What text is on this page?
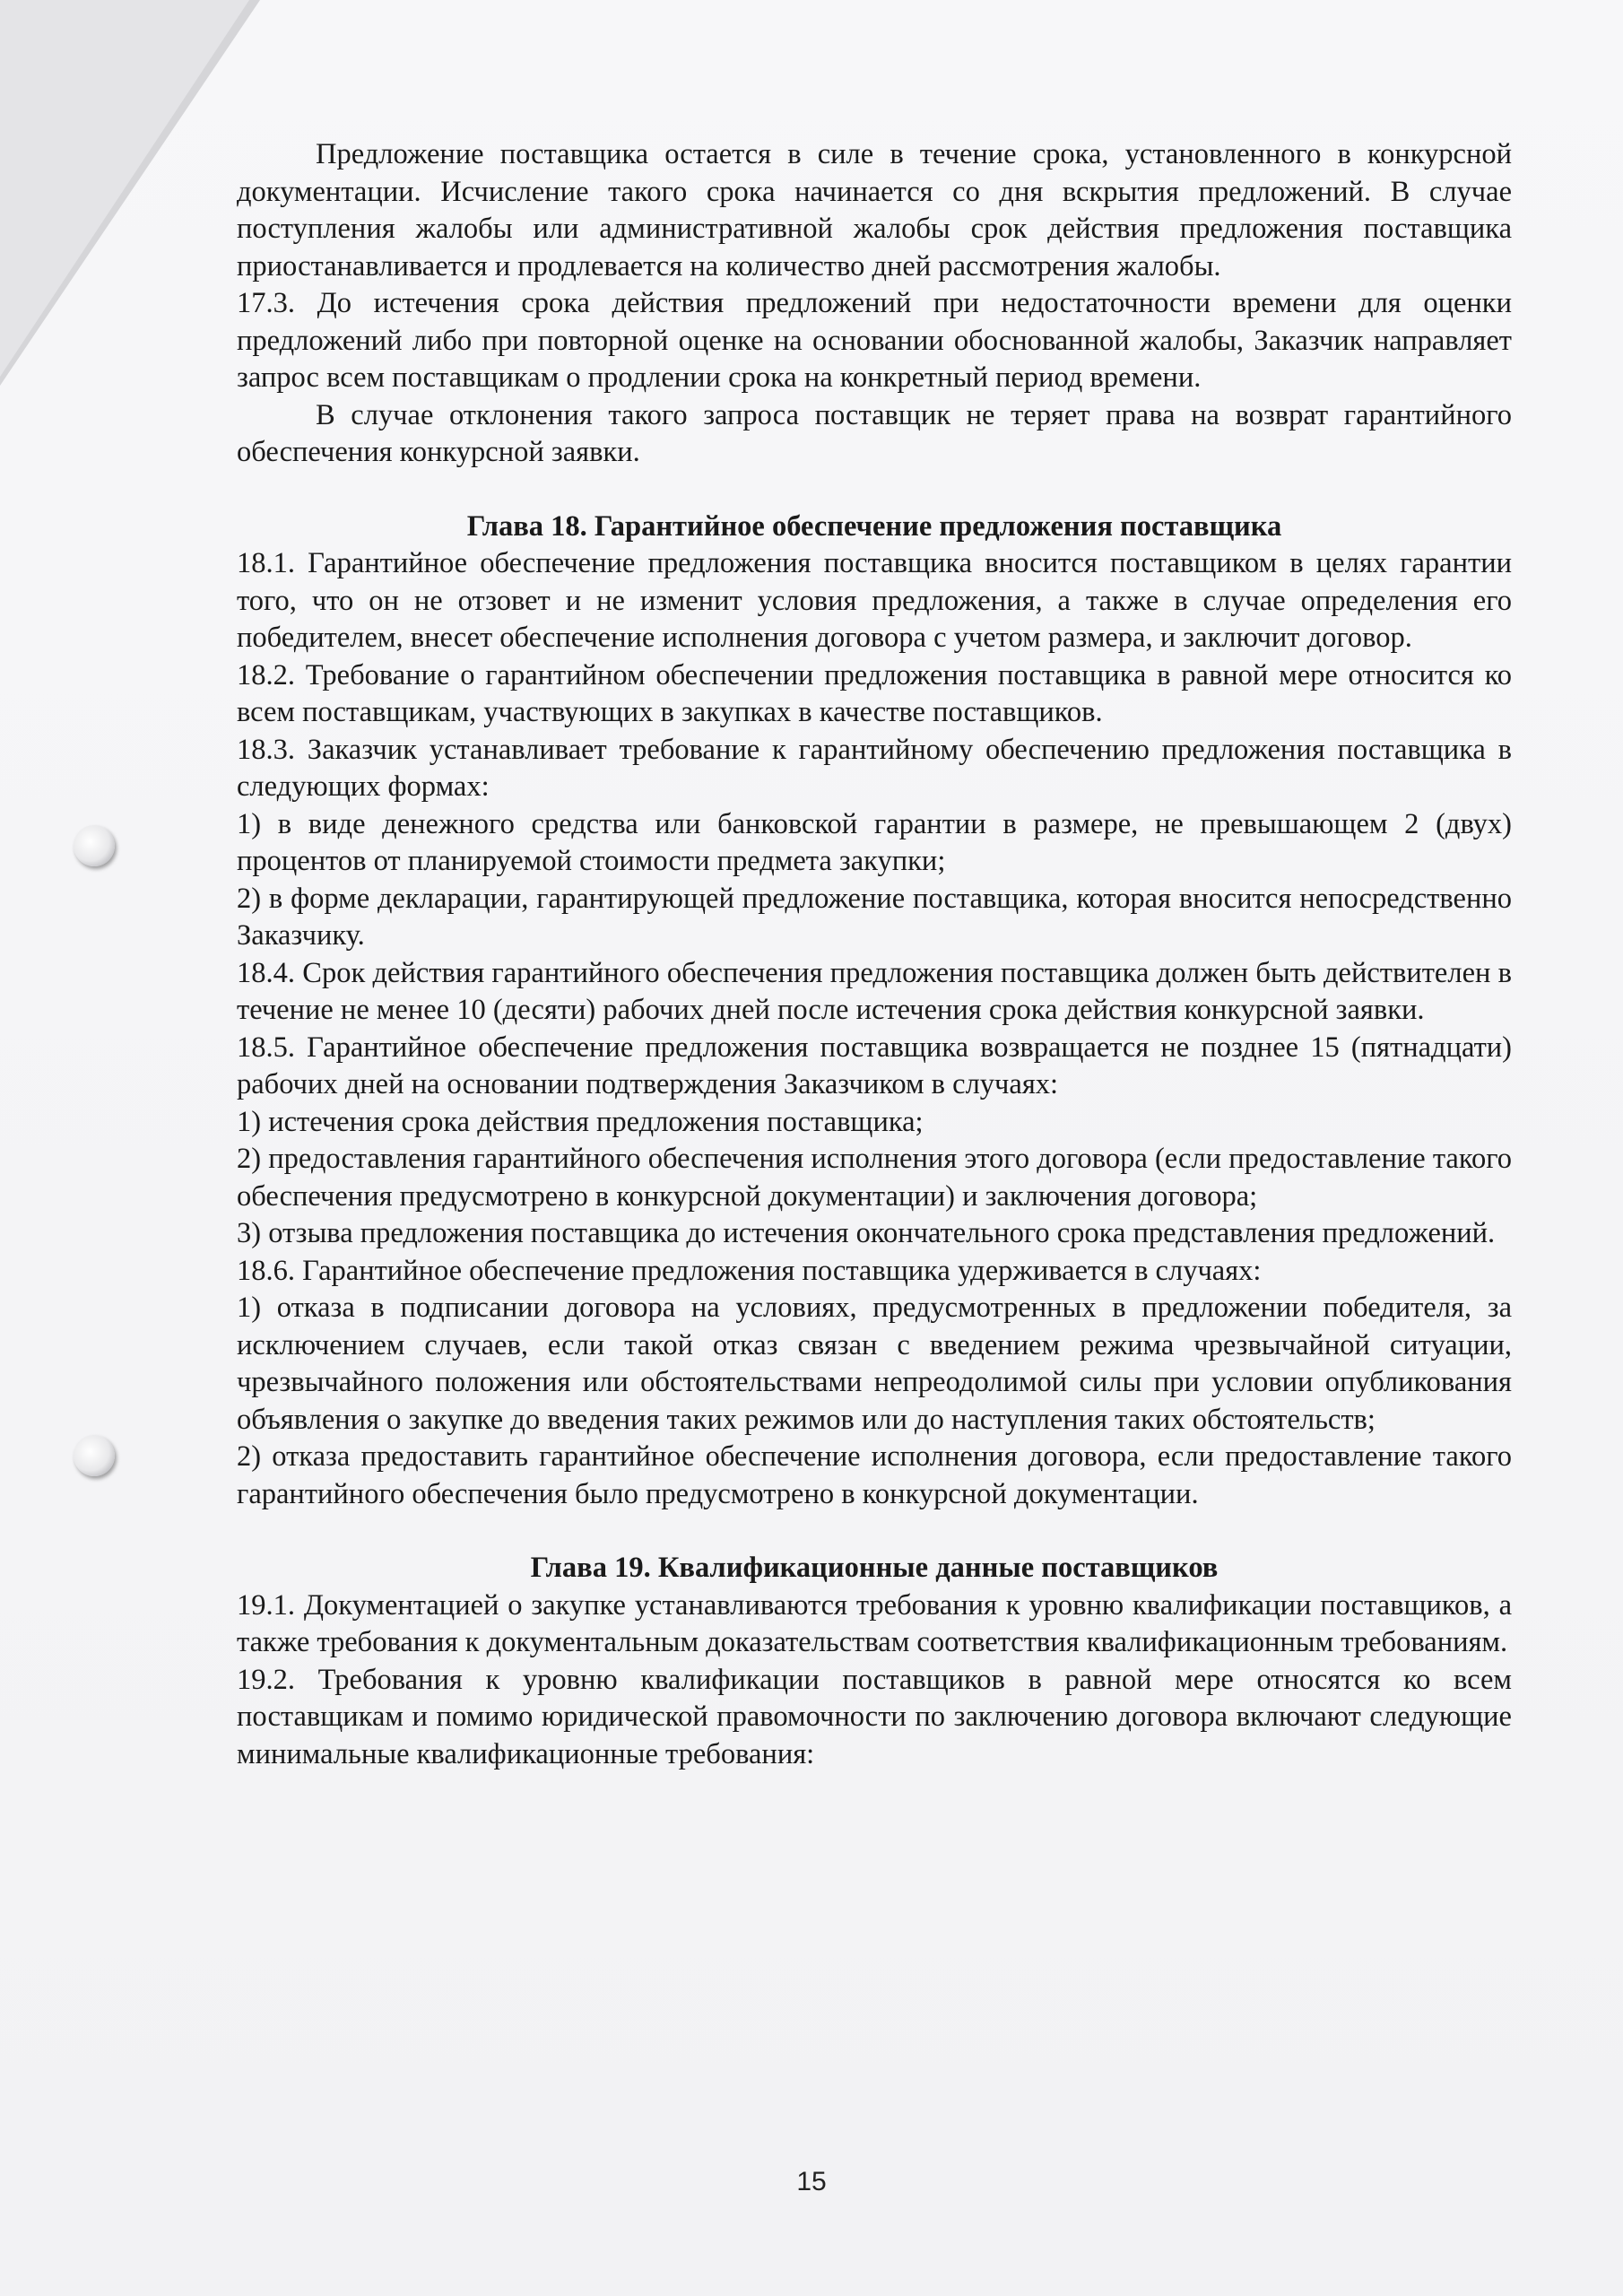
Предложение поставщика остается в силе в течение срока, установленного в конкурсной документации. Исчисление такого срока начинается со дня вскрытия предложений. В случае поступления жалобы или административной жалобы срок действия предложения поставщика приостанавливается и продлевается на количество дней рассмотрения жалобы.

17.3. До истечения срока действия предложений при недостаточности времени для оценки предложений либо при повторной оценке на основании обоснованной жалобы, Заказчик направляет запрос всем поставщикам о продлении срока на конкретный период времени.

В случае отклонения такого запроса поставщик не теряет права на возврат гарантийного обеспечения конкурсной заявки.

Глава 18. Гарантийное обеспечение предложения поставщика

18.1. Гарантийное обеспечение предложения поставщика вносится поставщиком в целях гарантии того, что он не отзовет и не изменит условия предложения, а также в случае определения его победителем, внесет обеспечение исполнения договора с учетом размера, и заключит договор.

18.2. Требование о гарантийном обеспечении предложения поставщика в равной мере относится ко всем поставщикам, участвующих в закупках в качестве поставщиков.

18.3. Заказчик устанавливает требование к гарантийному обеспечению предложения поставщика в следующих формах:

1) в виде денежного средства или банковской гарантии в размере, не превышающем 2 (двух) процентов от планируемой стоимости предмета закупки;

2) в форме декларации, гарантирующей предложение поставщика, которая вносится непосредственно Заказчику.

18.4. Срок действия гарантийного обеспечения предложения поставщика должен быть действителен в течение не менее 10 (десяти) рабочих дней после истечения срока действия конкурсной заявки.

18.5. Гарантийное обеспечение предложения поставщика возвращается не позднее 15 (пятнадцати) рабочих дней на основании подтверждения Заказчиком в случаях:

1) истечения срока действия предложения поставщика;

2) предоставления гарантийного обеспечения исполнения этого договора (если предоставление такого обеспечения предусмотрено в конкурсной документации) и заключения договора;

3) отзыва предложения поставщика до истечения окончательного срока представления предложений.

18.6. Гарантийное обеспечение предложения поставщика удерживается в случаях:

1) отказа в подписании договора на условиях, предусмотренных в предложении победителя, за исключением случаев, если такой отказ связан с введением режима чрезвычайной ситуации, чрезвычайного положения или обстоятельствами непреодолимой силы при условии опубликования объявления о закупке до введения таких режимов или до наступления таких обстоятельств;

2) отказа предоставить гарантийное обеспечение исполнения договора, если предоставление такого гарантийного обеспечения было предусмотрено в конкурсной документации.

Глава 19. Квалификационные данные поставщиков

19.1. Документацией о закупке устанавливаются требования к уровню квалификации поставщиков, а также требования к документальным доказательствам соответствия квалификационным требованиям.

19.2. Требования к уровню квалификации поставщиков в равной мере относятся ко всем поставщикам и помимо юридической правомочности по заключению договора включают следующие минимальные квалификационные требования:

15
